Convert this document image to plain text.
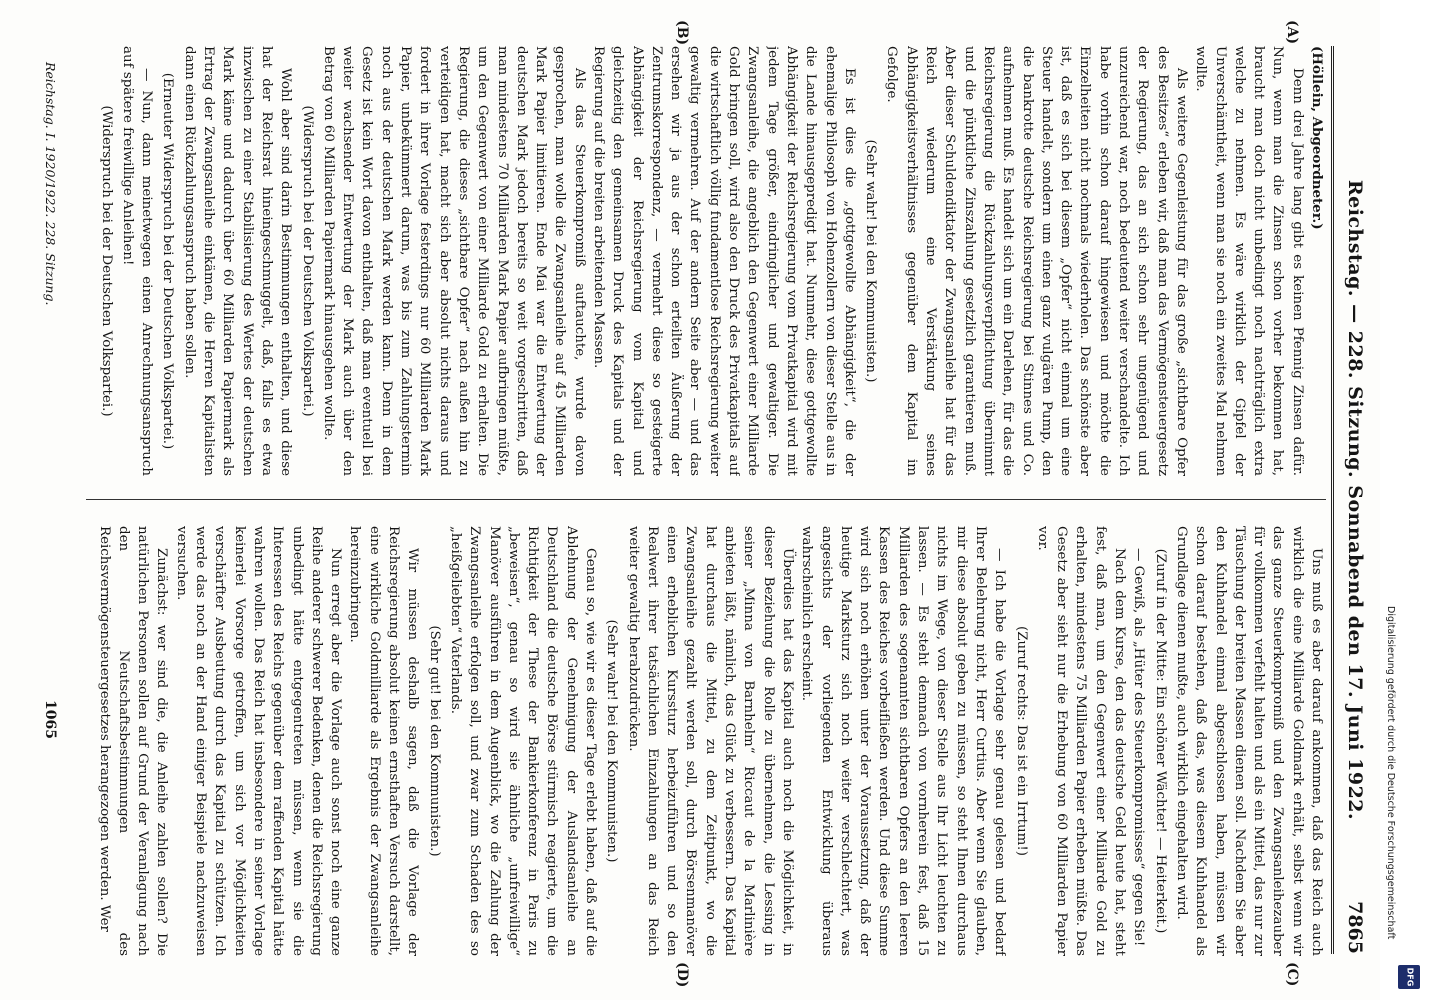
Reichstag. — 228. Sitzung. Sonnabend den 17. Juni 1922.
7865
(A)
(B)
(C)
(D)

(Höllein, Abgeordneter.)

Denn drei Jahre lang gibt es keinen Pfennig Zinsen dafür. Nun, wenn man die Zinsen schon vorher bekommen hat, braucht man doch nicht unbedingt noch nachträglich extra welche zu nehmen. Es wäre wirklich der Gipfel der Unverschämtheit, wenn man sie noch ein zweites Mal nehmen wollte.

Als weitere Gegenleistung für das große „sichtbare Opfer des Besitzes“ erleben wir, daß man das Vermögensteuergesetz der Regierung, das an sich schon sehr ungenügend und unzureichend war, noch bedeutend weiter verschandelte. Ich habe vorhin schon darauf hingewiesen und möchte die Einzelheiten nicht nochmals wiederholen. Das schönste aber ist, daß es sich bei diesem „Opfer“ nicht einmal um eine Steuer handelt, sondern um einen ganz vulgären Pump, den die bankrotte deutsche Reichsregierung bei Stinnes und Co. aufnehmen muß. Es handelt sich um ein Darlehen, für das die Reichsregierung die Rückzahlungsverpflichtung übernimmt und die pünktliche Zinszahlung gesetzlich garantieren muß. Aber dieser Schuldendiktator der Zwangsanleihe hat für das Reich wiederum eine Verstärkung seines Abhängigkeitsverhältnisses gegenüber dem Kapital im Gefolge.

(Sehr wahr! bei den Kommunisten.)

Es ist dies die „gottgewollte Abhängigkeit“, die der ehemalige Philosoph von Hohenzollern von dieser Stelle aus in die Lande hinausgepredigt hat. Nunmehr, diese gottgewollte Abhängigkeit der Reichsregierung vom Privatkapital wird mit jedem Tage größer, eindringlicher und gewaltiger. Die Zwangsanleihe, die angeblich den Gegenwert einer Milliarde Gold bringen soll, wird also den Druck des Privatkapitals auf die wirtschaftlich völlig fundamentlose Reichsregierung weiter gewaltig vermehren. Auf der andern Seite aber — und das ersehen wir ja aus der schon erteilten Äußerung der Zentrumskorrespondenz, — vermehrt diese so gesteigerte Abhängigkeit der Reichsregierung vom Kapital und gleichzeitig den gemeinsamen Druck des Kapitals und der Regierung auf die breiten arbeitenden Massen.

Als das Steuerkompromiß auftauchte, wurde davon gesprochen, man wolle die Zwangsanleihe auf 45 Milliarden Mark Papier limitieren. Ende Mai war die Entwertung der deutschen Mark jedoch bereits so weit vorgeschritten, daß man mindestens 70 Milliarden Mark Papier aufbringen müßte, um den Gegenwert von einer Milliarde Gold zu erhalten. Die Regierung, die dieses „sichtbare Opfer“ nach außen hin zu verteidigen hat, macht sich aber absolut nichts daraus und fordert in ihrer Vorlage festerdings nur 60 Milliarden Mark Papier, unbekümmert darum, was bis zum Zahlungstermin noch aus der deutschen Mark werden kann. Denn in dem Gesetz ist kein Wort davon enthalten, daß man eventuell bei weiter wachsender Entwertung der Mark auch über den Betrag von 60 Milliarden Papiermark hinausgehen wollte.

(Widerspruch bei der Deutschen Volkspartei.)

Wohl aber sind darin Bestimmungen enthalten, und diese hat der Reichsrat hineingeschmuggelt, daß, falls es etwa inzwischen zu einer Stabilisierung des Wertes der deutschen Mark käme und dadurch über 60 Milliarden Papiermark als Ertrag der Zwangsanleihe einkämen, die Herren Kapitalisten dann einen Rückzahlungsanspruch haben sollen.

(Erneuter Widerspruch bei der Deutschen Volkspartei.)

— Nun, dann meinetwegen einen Anrechnungsanspruch auf spätere freiwillige Anleihen!

(Widerspruch bei der Deutschen Volkspartei.)

Uns muß es aber darauf ankommen, daß das Reich auch wirklich die eine Milliarde Goldmark erhält, selbst wenn wir das ganze Steuerkompromiß und den Zwangsanleihezauber für vollkommen verfehlt halten und als ein Mittel, das nur zur Täuschung der breiten Massen dienen soll. Nachdem Sie aber den Kuhhandel einmal abgeschlossen haben, müssen wir schon darauf bestehen, daß das, was diesem Kuhhandel als Grundlage dienen mußte, auch wirklich eingehalten wird.

(Zuruf in der Mitte: Ein schöner Wächter! — Heiterkeit.)

— Gewiß, als „Hüter des Steuerkompromisses“ gegen Sie!

Nach dem Kurse, den das deutsche Geld heute hat, steht fest, daß man, um den Gegenwert einer Milliarde Gold zu erhalten, mindestens 75 Milliarden Papier erheben müßte. Das Gesetz aber sieht nur die Erhebung von 60 Milliarden Papier vor.

(Zuruf rechts: Das ist ein Irrtum!)

— Ich habe die Vorlage sehr genau gelesen und bedarf Ihrer Belehrung nicht, Herr Curtius. Aber wenn Sie glauben, mir diese absolut geben zu müssen, so steht Ihnen durchaus nichts im Wege, von dieser Stelle aus Ihr Licht leuchten zu lassen. — Es steht demnach von vornherein fest, daß 15 Milliarden des sogenannten sichtbaren Opfers an den leeren Kassen des Reiches vorbeifließen werden. Und diese Summe wird sich noch erhöhen unter der Voraussetzung, daß der heutige Marksturz sich noch weiter verschlechtert, was angesichts der vorliegenden Entwicklung überaus wahrscheinlich erscheint.

Überdies hat das Kapital auch noch die Möglichkeit, in dieser Beziehung die Rolle zu übernehmen, die Lessing in seiner „Minna von Barnhelm“ Riccaut de la Marlinière anbieten läßt, nämlich, das Glück zu verbessern. Das Kapital hat durchaus die Mittel, zu dem Zeitpunkt, wo die Zwangsanleihe gezahlt werden soll, durch Börsenmanöver einen erheblichen Kurssturz herbeizuführen und so den Realwert ihrer tatsächlichen Einzahlungen an das Reich weiter gewaltig herabzudrücken.

(Sehr wahr! bei den Kommunisten.)

Genau so, wie wir es dieser Tage erlebt haben, daß auf die Ablehnung der Genehmigung der Auslandsanleihe an Deutschland die deutsche Börse stürmisch reagierte, um die Richtigkeit der These der Bankierkonferenz in Paris zu „beweisen“, genau so wird sie ähnliche „unfreiwillige“ Manöver ausführen in dem Augenblick, wo die Zahlung der Zwangsanleihe erfolgen soll, und zwar zum Schaden des so „heißgeliebten“ Vaterlands.

(Sehr gut! bei den Kommunisten.)

Wir müssen deshalb sagen, daß die Vorlage der Reichsregierung absolut keinen ernsthaften Versuch darstellt, eine wirkliche Goldmilliarde als Ergebnis der Zwangsanleihe hereinzubringen.

Nun erregt aber die Vorlage auch sonst noch eine ganze Reihe anderer schwerer Bedenken, denen die Reichsregierung unbedingt hätte entgegentreten müssen, wenn sie die Interessen des Reichs gegenüber dem raffenden Kapital hätte wahren wollen. Das Reich hat insbesondere in seiner Vorlage keinerlei Vorsorge getroffen, um sich vor Möglichkeiten verschärfter Ausbeutung durch das Kapital zu schützen. Ich werde das noch an der Hand einiger Beispiele nachzuweisen versuchen.

Zunächst: wer sind die, die Anleihe zahlen sollen? Die natürlichen Personen sollen auf Grund der Veranlagung nach den Neutschaftsbestimmungen des Reichsvermögensteuergesetzes herangezogen werden. Wer

Reichstag. I. 1920/1922. 228. Sitzung.
1065	Digitalisierung gefördert durch die Deutsche Forschungsgemeinschaft
DFG
